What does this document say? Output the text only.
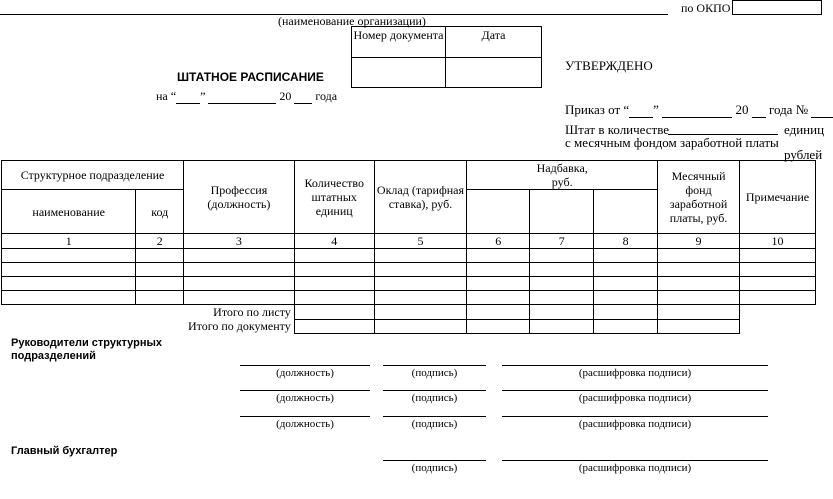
(наименование организации)
по ОКПО
Номер документа	Дата

УТВЕРЖДЕНО
ШТАТНОЕ РАСПИСАНИЕ
на “ ”	20 года
Приказ от “ ”	20 года №
Штат в количестве	единиц
с месячным фондом заработной платы
рублей
Структурное подразделение		Профессия (должность)	Количество штатных единиц	Оклад (тарифная ставка), руб.	Надбавка, руб.			Месячный фонд заработной платы, руб.	Примечание
наименование	код								
1	2	3	4	5	6	7	8	9	10

Итого по листу									
Итого по документу									
Руководители структурных
подразделений
(должность)	(подпись)	(расшифровка подписи)
(должность)	(подпись)	(расшифровка подписи)
(должность)	(подпись)	(расшифровка подписи)
Главный бухгалтер
(подпись)	(расшифровка подписи)
